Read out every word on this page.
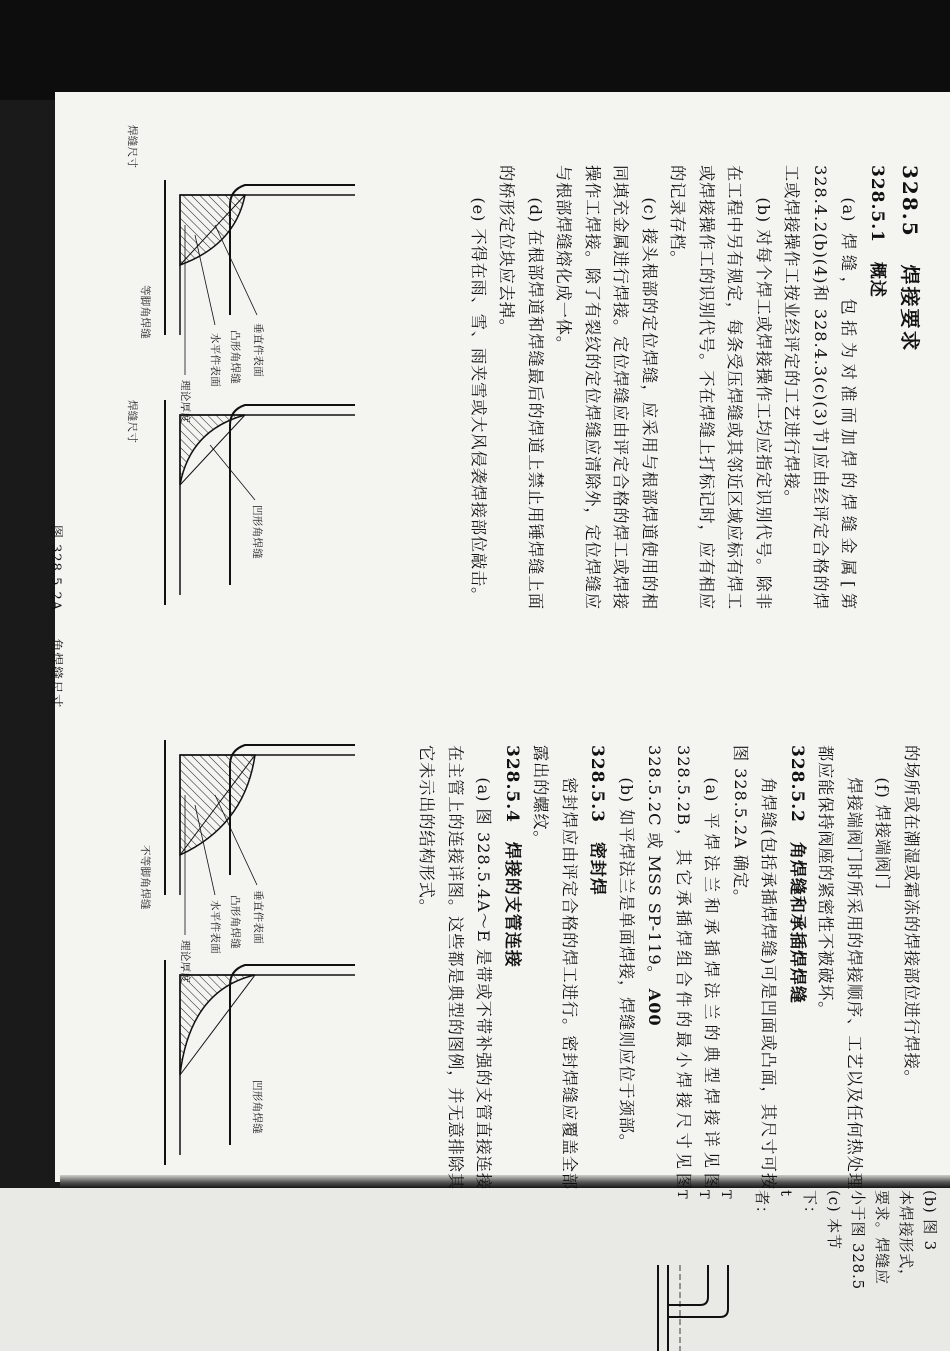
328.5   焊接要求
328.5.1 概述

(a) 焊缝，包括为对准而加焊的焊缝金属[第 328.4.2(b)(4)和 328.4.3(c)(3)节]应由经评定合格的焊工或焊接操作工按业经评定的工艺进行焊接。

(b) 对每个焊工或焊接操作工均应指定识别代号。除非在工程中另有规定，每条受压焊缝或其邻近区域应标有焊工或焊接操作工的识别代号。不在焊缝上打标记时，应有相应的记录存档。

(c) 接头根部的定位焊缝，应采用与根部焊道使用的相同填充金属进行焊接。定位焊缝应由评定合格的焊工或焊接操作工焊接。除了有裂纹的定位焊缝应清除外，定位焊缝应与根部焊缝熔化成一体。

(d) 在根部焊道和焊缝最后的焊道上禁止用锤焊缝上面的桥形定位块应去掉。

(e) 不得在雨、雪、雨夹雪或大风侵袭焊接部位敲击。

的场所或在潮湿或霜冻的焊接部位进行焊接。

(f) 焊接端阀门

焊接端阀门时所采用的焊接顺序、工艺以及任何热处理都应能保持阀座的紧密性不被破坏。

328.5.2 角焊缝和承插焊焊缝

角焊缝(包括承插焊焊缝)可是凹面或凸面，其尺寸可按图 328.5.2A 确定。

(a) 平焊法兰和承插焊法兰的典型焊接详见图 328.5.2B，其它承插焊组合件的最小焊接尺寸见图 328.5.2C 或 MSS SP-119。 A00

(b) 如平焊法兰是单面焊接，焊缝则应位于颈部。

328.5.3 密封焊

密封焊应由评定合格的焊工进行。密封焊缝应覆盖全部露出的螺纹。

328.5.4 焊接的支管连接

(a) 图 328.5.4A～E 是带或不带补强的支管直接连接在主管上的连接详图。这些都是典型的图例，并无意排除其它未示出的结构形式。

垂直件表面
凸形角焊缝
水平件表面
理论厚度
凹形角焊缝
等脚角焊缝
焊缝尺寸
焊缝尺寸
垂直件表面
凸形角焊缝
水平件表面
理论厚度
凹形角焊缝
不等脚角焊缝
图 328.5.2A 角焊缝尺寸

(b) 图 3

本焊接形式，

要求。焊缝应

小于图 328.5

(c) 本节

下：

t

者：

T
T
T
